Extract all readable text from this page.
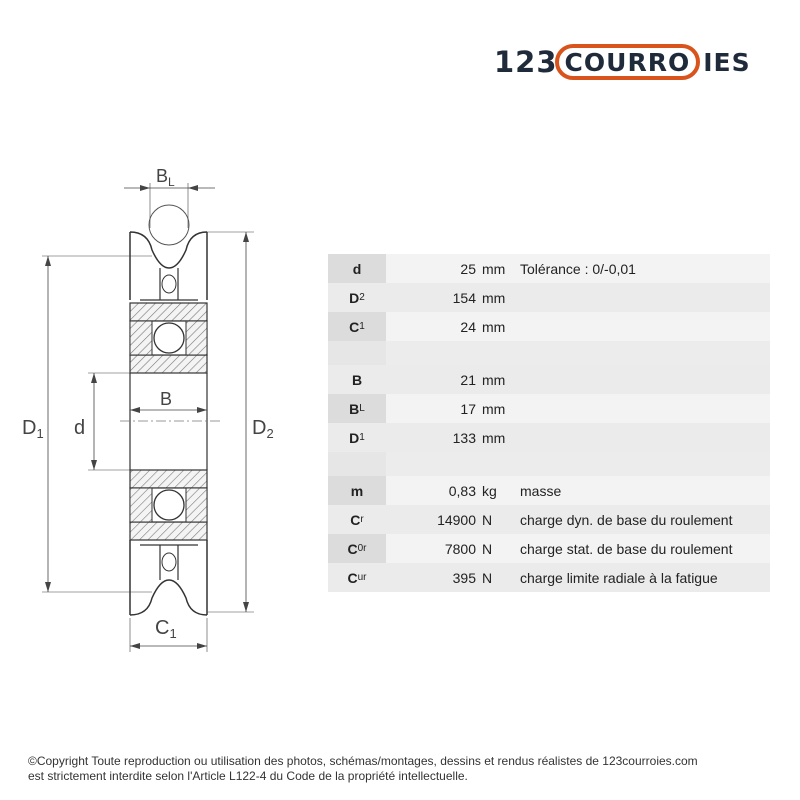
123 COURRO IES
$B_L$
B
d
$D_1$	$D_2$
$C_1$
d	25 mm	Tolérance : 0/-0,01
D 2	154 mm
C 1	24 mm
B	21 mm
B L	17 mm
D 1	133 mm
m	0,83 kg	masse
C r	14900 N	charge dyn. de base du roulement
C 0r	7800 N	charge stat. de base du roulement
C ur	395 N	charge limite radiale à la fatigue
©Copyright Toute reproduction ou utilisation des photos, schémas/montages, dessins et rendus réalistes de 123courroies.com
est strictement interdite selon l'Article L122-4 du Code de la propriété intellectuelle.
